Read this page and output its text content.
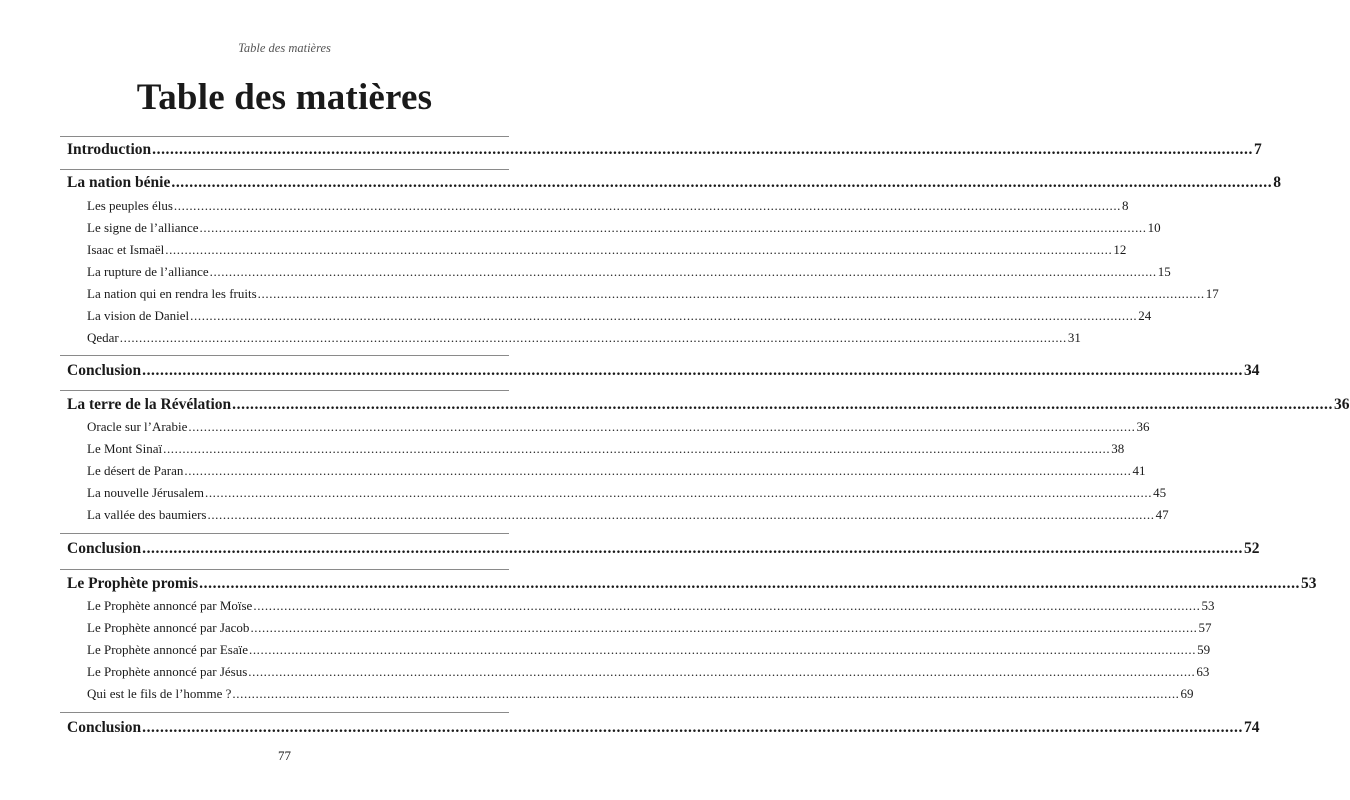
Table des matières
Table des matières
Introduction ...................................................................................................................................................................................................................................................... 7
La nation bénie ...................................................................................................................................................................................................................................................... 8
Les peuples élus ...................................................................................................................................................................................................................................................... 8
Le signe de l’alliance ...................................................................................................................................................................................................................................................... 10
Isaac et Ismaël ...................................................................................................................................................................................................................................................... 12
La rupture de l’alliance ...................................................................................................................................................................................................................................................... 15
La nation qui en rendra les fruits ...................................................................................................................................................................................................................................................... 17
La vision de Daniel ...................................................................................................................................................................................................................................................... 24
Qedar ...................................................................................................................................................................................................................................................... 31
Conclusion ...................................................................................................................................................................................................................................................... 34
La terre de la Révélation ...................................................................................................................................................................................................................................................... 36
Oracle sur l’Arabie ...................................................................................................................................................................................................................................................... 36
Le Mont Sinaï ...................................................................................................................................................................................................................................................... 38
Le désert de Paran ...................................................................................................................................................................................................................................................... 41
La nouvelle Jérusalem ...................................................................................................................................................................................................................................................... 45
La vallée des baumiers ...................................................................................................................................................................................................................................................... 47
Conclusion ...................................................................................................................................................................................................................................................... 52
Le Prophète promis ...................................................................................................................................................................................................................................................... 53
Le Prophète annoncé par Moïse ...................................................................................................................................................................................................................................................... 53
Le Prophète annoncé par Jacob ...................................................................................................................................................................................................................................................... 57
Le Prophète annoncé par Esaïe ...................................................................................................................................................................................................................................................... 59
Le Prophète annoncé par Jésus ...................................................................................................................................................................................................................................................... 63
Qui est le fils de l’homme ? ...................................................................................................................................................................................................................................................... 69
Conclusion ...................................................................................................................................................................................................................................................... 74
77
